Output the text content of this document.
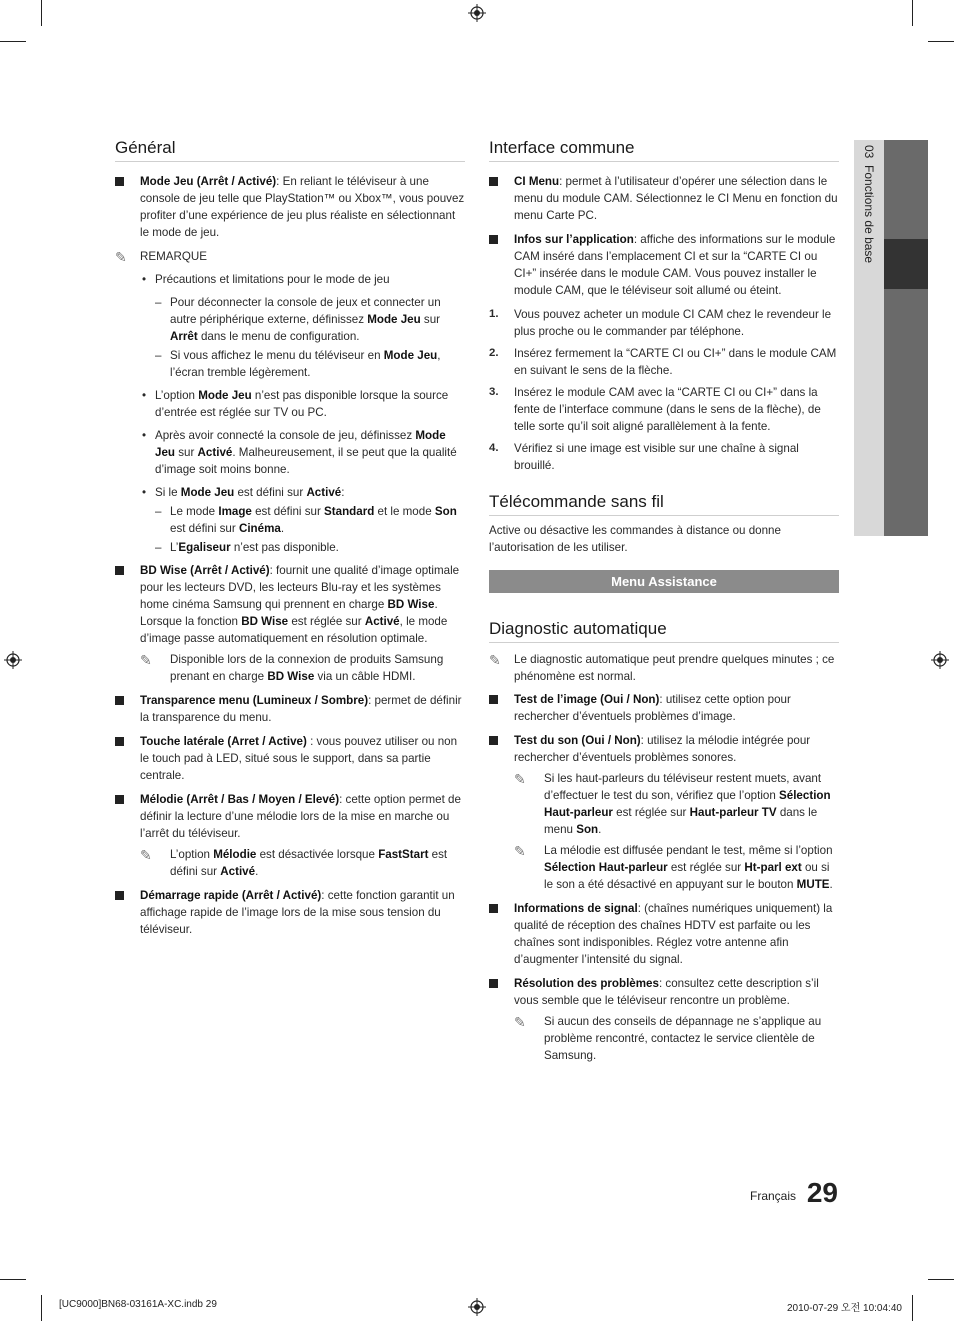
03  Fonctions de base
Général
Mode Jeu (Arrêt / Activé): En reliant le téléviseur à une console de jeu telle que PlayStation™ ou Xbox™, vous pouvez profiter d’une expérience de jeu plus réaliste en sélectionnant le mode de jeu.
✎ REMARQUE
• Précautions et limitations pour le mode de jeu
– Pour déconnecter la console de jeux et connecter un autre périphérique externe, définissez Mode Jeu sur Arrêt dans le menu de configuration.
– Si vous affichez le menu du téléviseur en Mode Jeu, l’écran tremble légèrement.
• L’option Mode Jeu n’est pas disponible lorsque la source d’entrée est réglée sur TV ou PC.
• Après avoir connecté la console de jeu, définissez Mode Jeu sur Activé. Malheureusement, il se peut que la qualité d’image soit moins bonne.
• Si le Mode Jeu est défini sur Activé:
– Le mode Image est défini sur Standard et le mode Son est défini sur Cinéma.
– L’Egaliseur n’est pas disponible.
BD Wise (Arrêt / Activé): fournit une qualité d’image optimale pour les lecteurs DVD, les lecteurs Blu-ray et les systèmes home cinéma Samsung qui prennent en charge BD Wise. Lorsque la fonction BD Wise est réglée sur Activé, le mode d’image passe automatiquement en résolution optimale.
✎ Disponible lors de la connexion de produits Samsung prenant en charge BD Wise via un câble HDMI.
Transparence menu (Lumineux / Sombre): permet de définir la transparence du menu.
Touche latérale (Arret / Active) : vous pouvez utiliser ou non le touch pad à LED, situé sous le support, dans sa partie centrale.
Mélodie (Arrêt / Bas / Moyen / Elevé): cette option permet de définir la lecture d’une mélodie lors de la mise en marche ou l’arrêt du téléviseur.
✎ L’option Mélodie est désactivée lorsque FastStart est défini sur Activé.
Démarrage rapide (Arrêt / Activé): cette fonction garantit un affichage rapide de l’image lors de la mise sous tension du téléviseur.
Interface commune
CI Menu: permet à l’utilisateur d’opérer une sélection dans le menu du module CAM. Sélectionnez le CI Menu en fonction du menu Carte PC.
Infos sur l’application: affiche des informations sur le module CAM inséré dans l’emplacement CI et sur la “CARTE CI ou CI+” insérée dans le module CAM. Vous pouvez installer le module CAM, que le téléviseur soit allumé ou éteint.
1. Vous pouvez acheter un module CI CAM chez le revendeur le plus proche ou le commander par téléphone.
2. Insérez fermement la “CARTE CI ou CI+” dans le module CAM en suivant le sens de la flèche.
3. Insérez le module CAM avec la “CARTE CI ou CI+” dans la fente de l’interface commune (dans le sens de la flèche), de telle sorte qu’il soit aligné parallèlement à la fente.
4. Vérifiez si une image est visible sur une chaîne à signal brouillé.
Télécommande sans fil
Active ou désactive les commandes à distance ou donne l’autorisation de les utiliser.
Menu Assistance
Diagnostic automatique
✎ Le diagnostic automatique peut prendre quelques minutes ; ce phénomène est normal.
Test de l’image (Oui / Non): utilisez cette option pour rechercher d’éventuels problèmes d’image.
Test du son (Oui / Non): utilisez la mélodie intégrée pour rechercher d’éventuels problèmes sonores.
✎ Si les haut-parleurs du téléviseur restent muets, avant d’effectuer le test du son, vérifiez que l’option Sélection Haut-parleur est réglée sur Haut-parleur TV dans le menu Son.
✎ La mélodie est diffusée pendant le test, même si l’option Sélection Haut-parleur est réglée sur Ht-parl ext ou si le son a été désactivé en appuyant sur le bouton MUTE.
Informations de signal: (chaînes numériques uniquement) la qualité de réception des chaînes HDTV est parfaite ou les chaînes sont indisponibles. Réglez votre antenne afin d’augmenter l’intensité du signal.
Résolution des problèmes: consultez cette description s’il vous semble que le téléviseur rencontre un problème.
✎ Si aucun des conseils de dépannage ne s’applique au problème rencontré, contactez le service clientèle de Samsung.
Français 29
[UC9000]BN68-03161A-XC.indb 29	2010-07-29 오전 10:04:40
